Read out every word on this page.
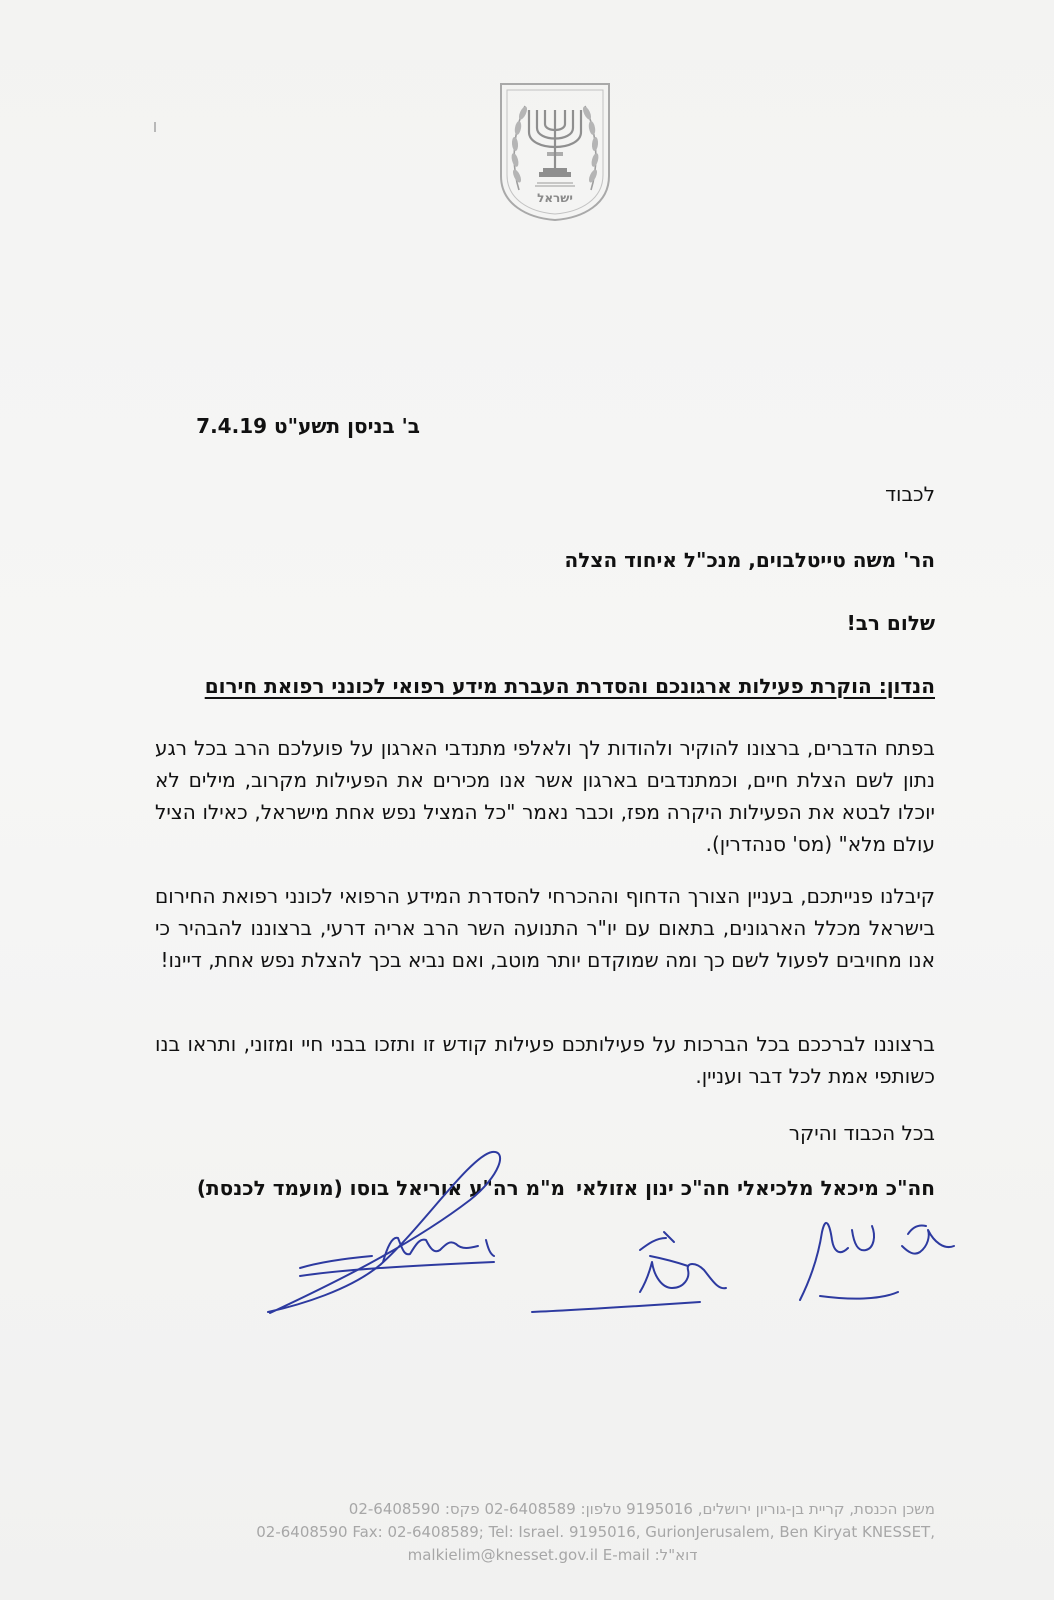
ישראל
ב' בניסן תשע"ט 7.4.19
לכבוד
הר' משה טייטלבוים, מנכ"ל איחוד הצלה
שלום רב!
הנדון: הוקרת פעילות ארגונכם והסדרת העברת מידע רפואי לכונני רפואת חירום
בפתח הדברים, ברצונו להוקיר ולהודות לך ולאלפי מתנדבי הארגון על פועלכם הרב בכל רגע נתון לשם הצלת חיים, וכמתנדבים בארגון אשר אנו מכירים את הפעילות מקרוב, מילים לא יוכלו לבטא את הפעילות היקרה מפז, וכבר נאמר "כל המציל נפש אחת מישראל, כאילו הציל עולם מלא" (מס' סנהדרין).
קיבלנו פנייתכם, בעניין הצורך הדחוף וההכרחי להסדרת המידע הרפואי לכונני רפואת החירום בישראל מכלל הארגונים, בתאום עם יו"ר התנועה השר הרב אריה דרעי, ברצוננו להבהיר כי אנו מחויבים לפעול לשם כך ומה שמוקדם יותר מוטב, ואם נביא בכך להצלת נפש אחת, דיינו!
ברצוננו לברככם בכל הברכות על פעילותכם פעילות קודש זו ותזכו בבני חיי ומזוני, ותראו בנו כשותפי אמת לכל דבר ועניין.
בכל הכבוד והיקר
חה"כ מיכאל מלכיאלי
חה"כ ינון אזולאי
מ"מ רה"ע אוריאל בוסו (מועמד לכנסת)
משכן הכנסת, קריית בן-גוריון ירושלים, 9195016 טלפון: 02-6408589 פקס: 02-6408590
02-6408590 Fax: 02-6408589; Tel: Israel. 9195016, GurionJerusalem, Ben Kiryat KNESSET,
דוא"ל: malkielim@knesset.gov.il E-mail
